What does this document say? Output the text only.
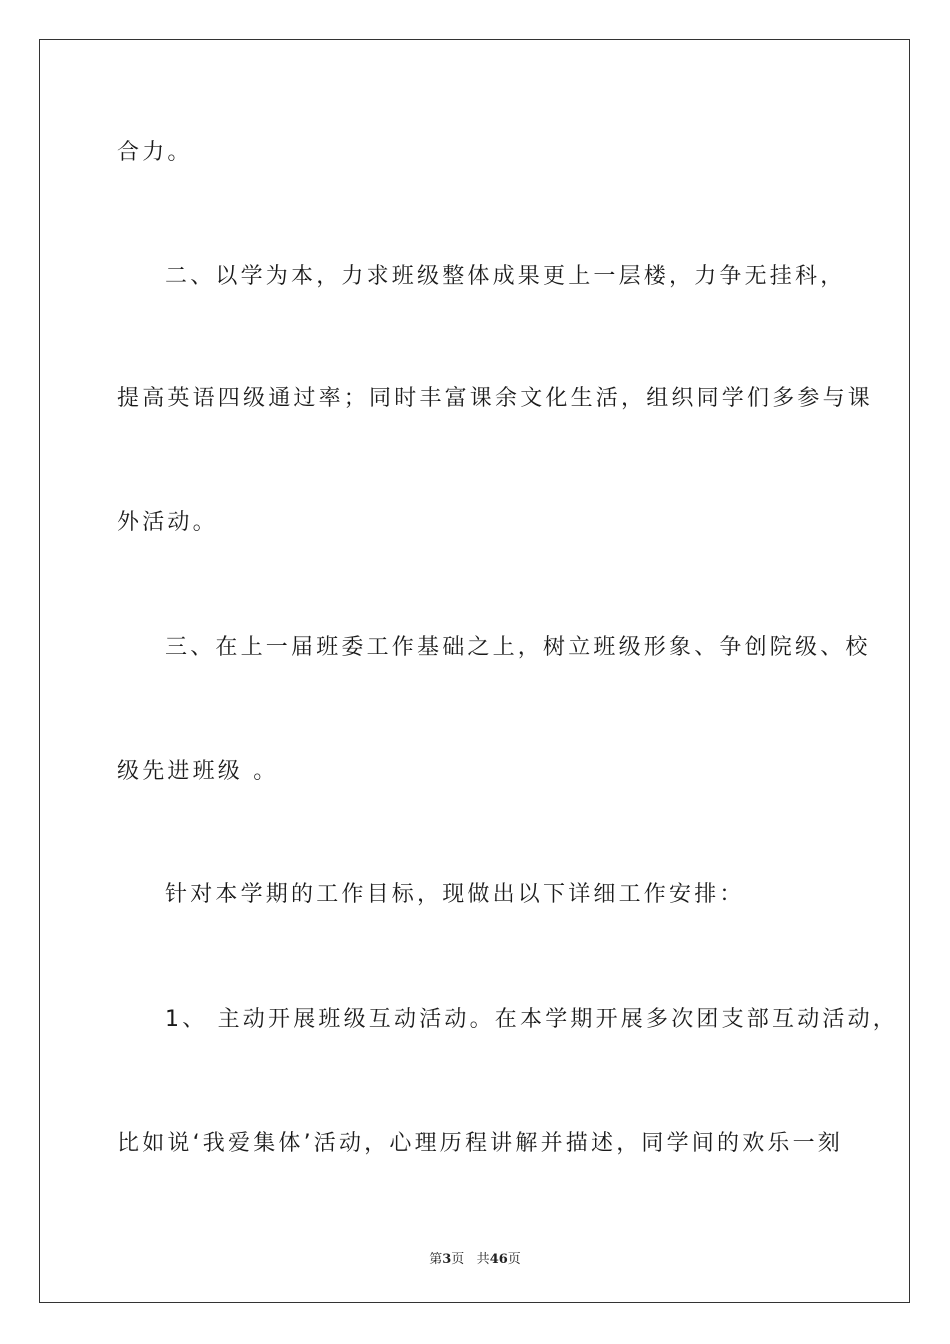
合力。
二、以学为本，力求班级整体成果更上一层楼，力争无挂科，
提高英语四级通过率；同时丰富课余文化生活，组织同学们多参与课
外活动。
三、在上一届班委工作基础之上，树立班级形象、争创院级、校
级先进班级 。
针对本学期的工作目标，现做出以下详细工作安排：
1、 主动开展班级互动活动。在本学期开展多次团支部互动活动，
比如说‘我爱集体’活动，心理历程讲解并描述，同学间的欢乐一刻
第3页 共46页
